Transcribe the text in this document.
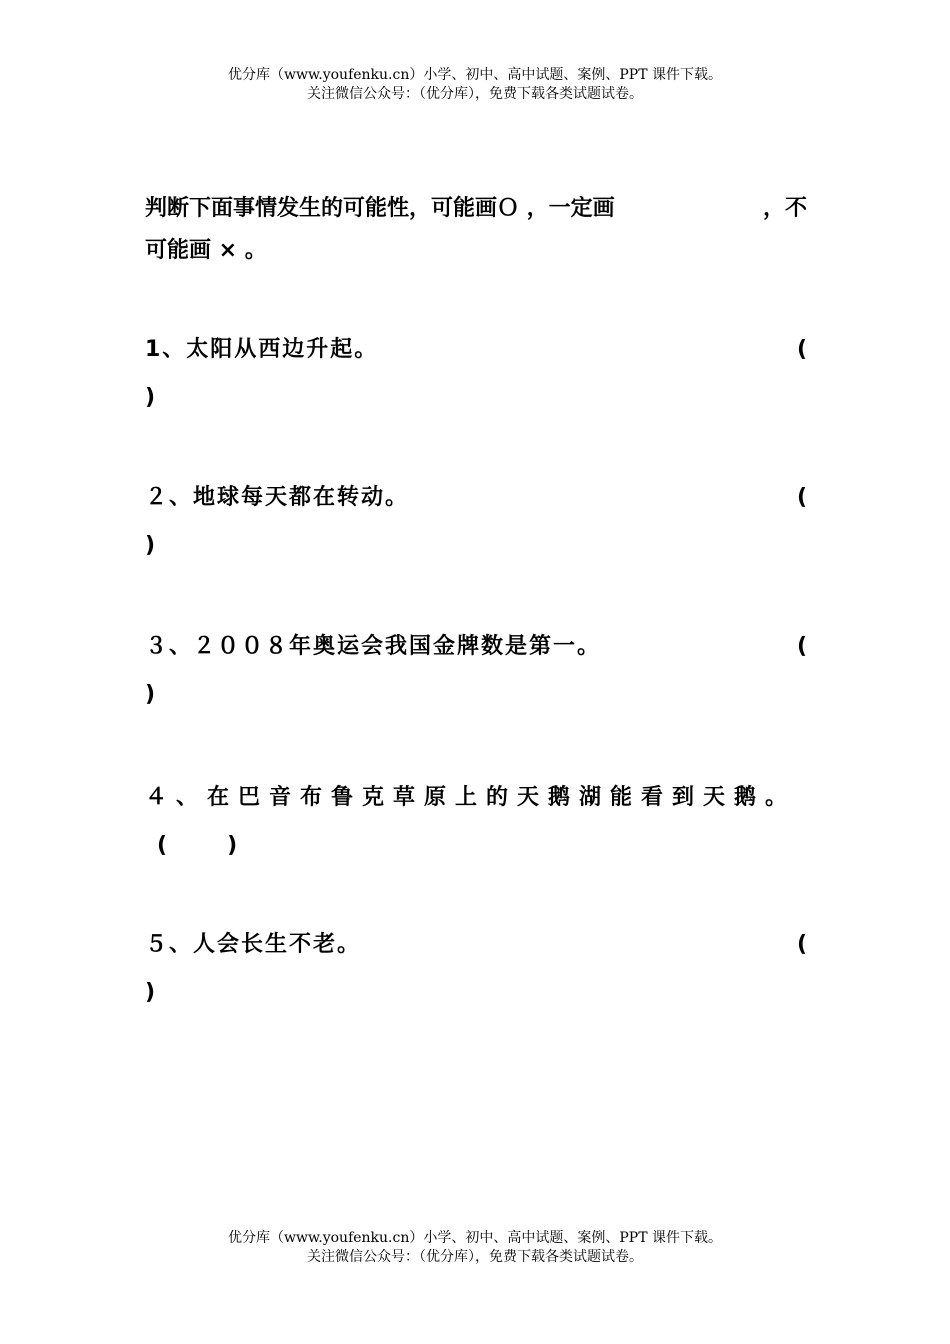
优分库（www.youfenku.cn）小学、初中、高中试题、案例、PPT 课件下载。
关注微信公众号：（优分库），免费下载各类试题试卷。
判断下面事情发生的可能性，可能画Ｏ ，一定画	，不
可能画 × 。
1、太阳从西边升起。	(
)
２、地球每天都在转动。	(
)
３、２００８年奥运会我国金牌数是第一。	(
)
４、在巴音布鲁克草原上的天鹅湖能看到天鹅。
(	)
５、人会长生不老。	(
)
优分库（www.youfenku.cn）小学、初中、高中试题、案例、PPT 课件下载。
关注微信公众号：（优分库），免费下载各类试题试卷。
